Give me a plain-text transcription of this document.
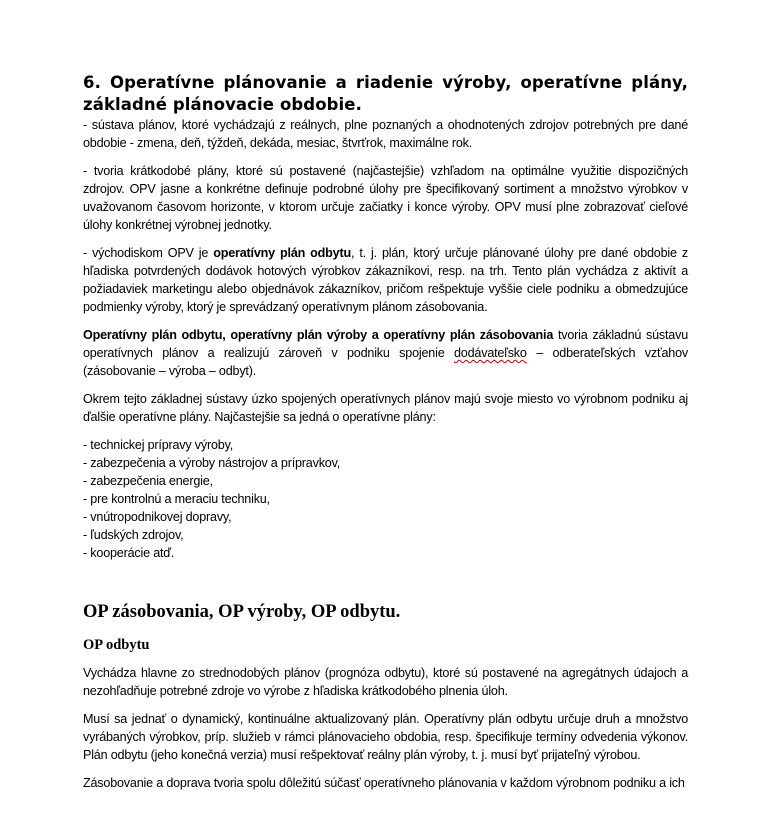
6. Operatívne plánovanie a riadenie výroby, operatívne plány, základné plánovacie obdobie.

- sústava plánov, ktoré vychádzajú z reálnych, plne poznaných a ohodnotených zdrojov potrebných pre dané obdobie - zmena, deň, týždeň, dekáda, mesiac, štvrťrok, maximálne rok.

- tvoria krátkodobé plány, ktoré sú postavené (najčastejšie) vzhľadom na optimálne využitie dispozičných zdrojov. OPV jasne a konkrétne definuje podrobné úlohy pre špecifikovaný sortiment a množstvo výrobkov v uvažovanom časovom horizonte, v ktorom určuje začiatky i konce výroby. OPV musí plne zobrazovať cieľové úlohy konkrétnej výrobnej jednotky.

- východiskom OPV je operatívny plán odbytu, t. j. plán, ktorý určuje plánované úlohy pre dané obdobie z hľadiska potvrdených dodávok hotových výrobkov zákazníkovi, resp. na trh. Tento plán vychádza z aktivít a požiadaviek marketingu alebo objednávok zákazníkov, pričom rešpektuje vyššie ciele podniku a obmedzujúce podmienky výroby, ktorý je sprevádzaný operatívnym plánom zásobovania.

Operatívny plán odbytu, operatívny plán výroby a operatívny plán zásobovania tvoria základnú sústavu operatívnych plánov a realizujú zároveň v podniku spojenie dodávateľsko – odberateľských vzťahov (zásobovanie – výroba – odbyt).

Okrem tejto základnej sústavy úzko spojených operatívnych plánov majú svoje miesto vo výrobnom podniku aj ďalšie operatívne plány. Najčastejšie sa jedná o operatívne plány:

- technickej prípravy výroby,
- zabezpečenia a výroby nástrojov a prípravkov,
- zabezpečenia energie,
- pre kontrolnú a meraciu techniku,
- vnútropodnikovej dopravy,
- ľudských zdrojov,
- kooperácie atď.
OP zásobovania, OP výroby, OP odbytu.
OP odbytu

Vychádza hlavne zo strednodobých plánov (prognóza odbytu), ktoré sú postavené na agregátnych údajoch a nezohľadňuje potrebné zdroje vo výrobe z hľadiska krátkodobého plnenia úloh.

Musí sa jednať o dynamický, kontinuálne aktualizovaný plán. Operatívny plán odbytu určuje druh a množstvo vyrábaných výrobkov, príp. služieb v rámci plánovacieho obdobia, resp. špecifikuje termíny odvedenia výkonov. Plán odbytu (jeho konečná verzia) musí rešpektovať reálny plán výroby, t. j. musí byť prijateľný výrobou.

Zásobovanie a doprava tvoria spolu dôležitú súčasť operatívneho plánovania v každom výrobnom podniku a ich
